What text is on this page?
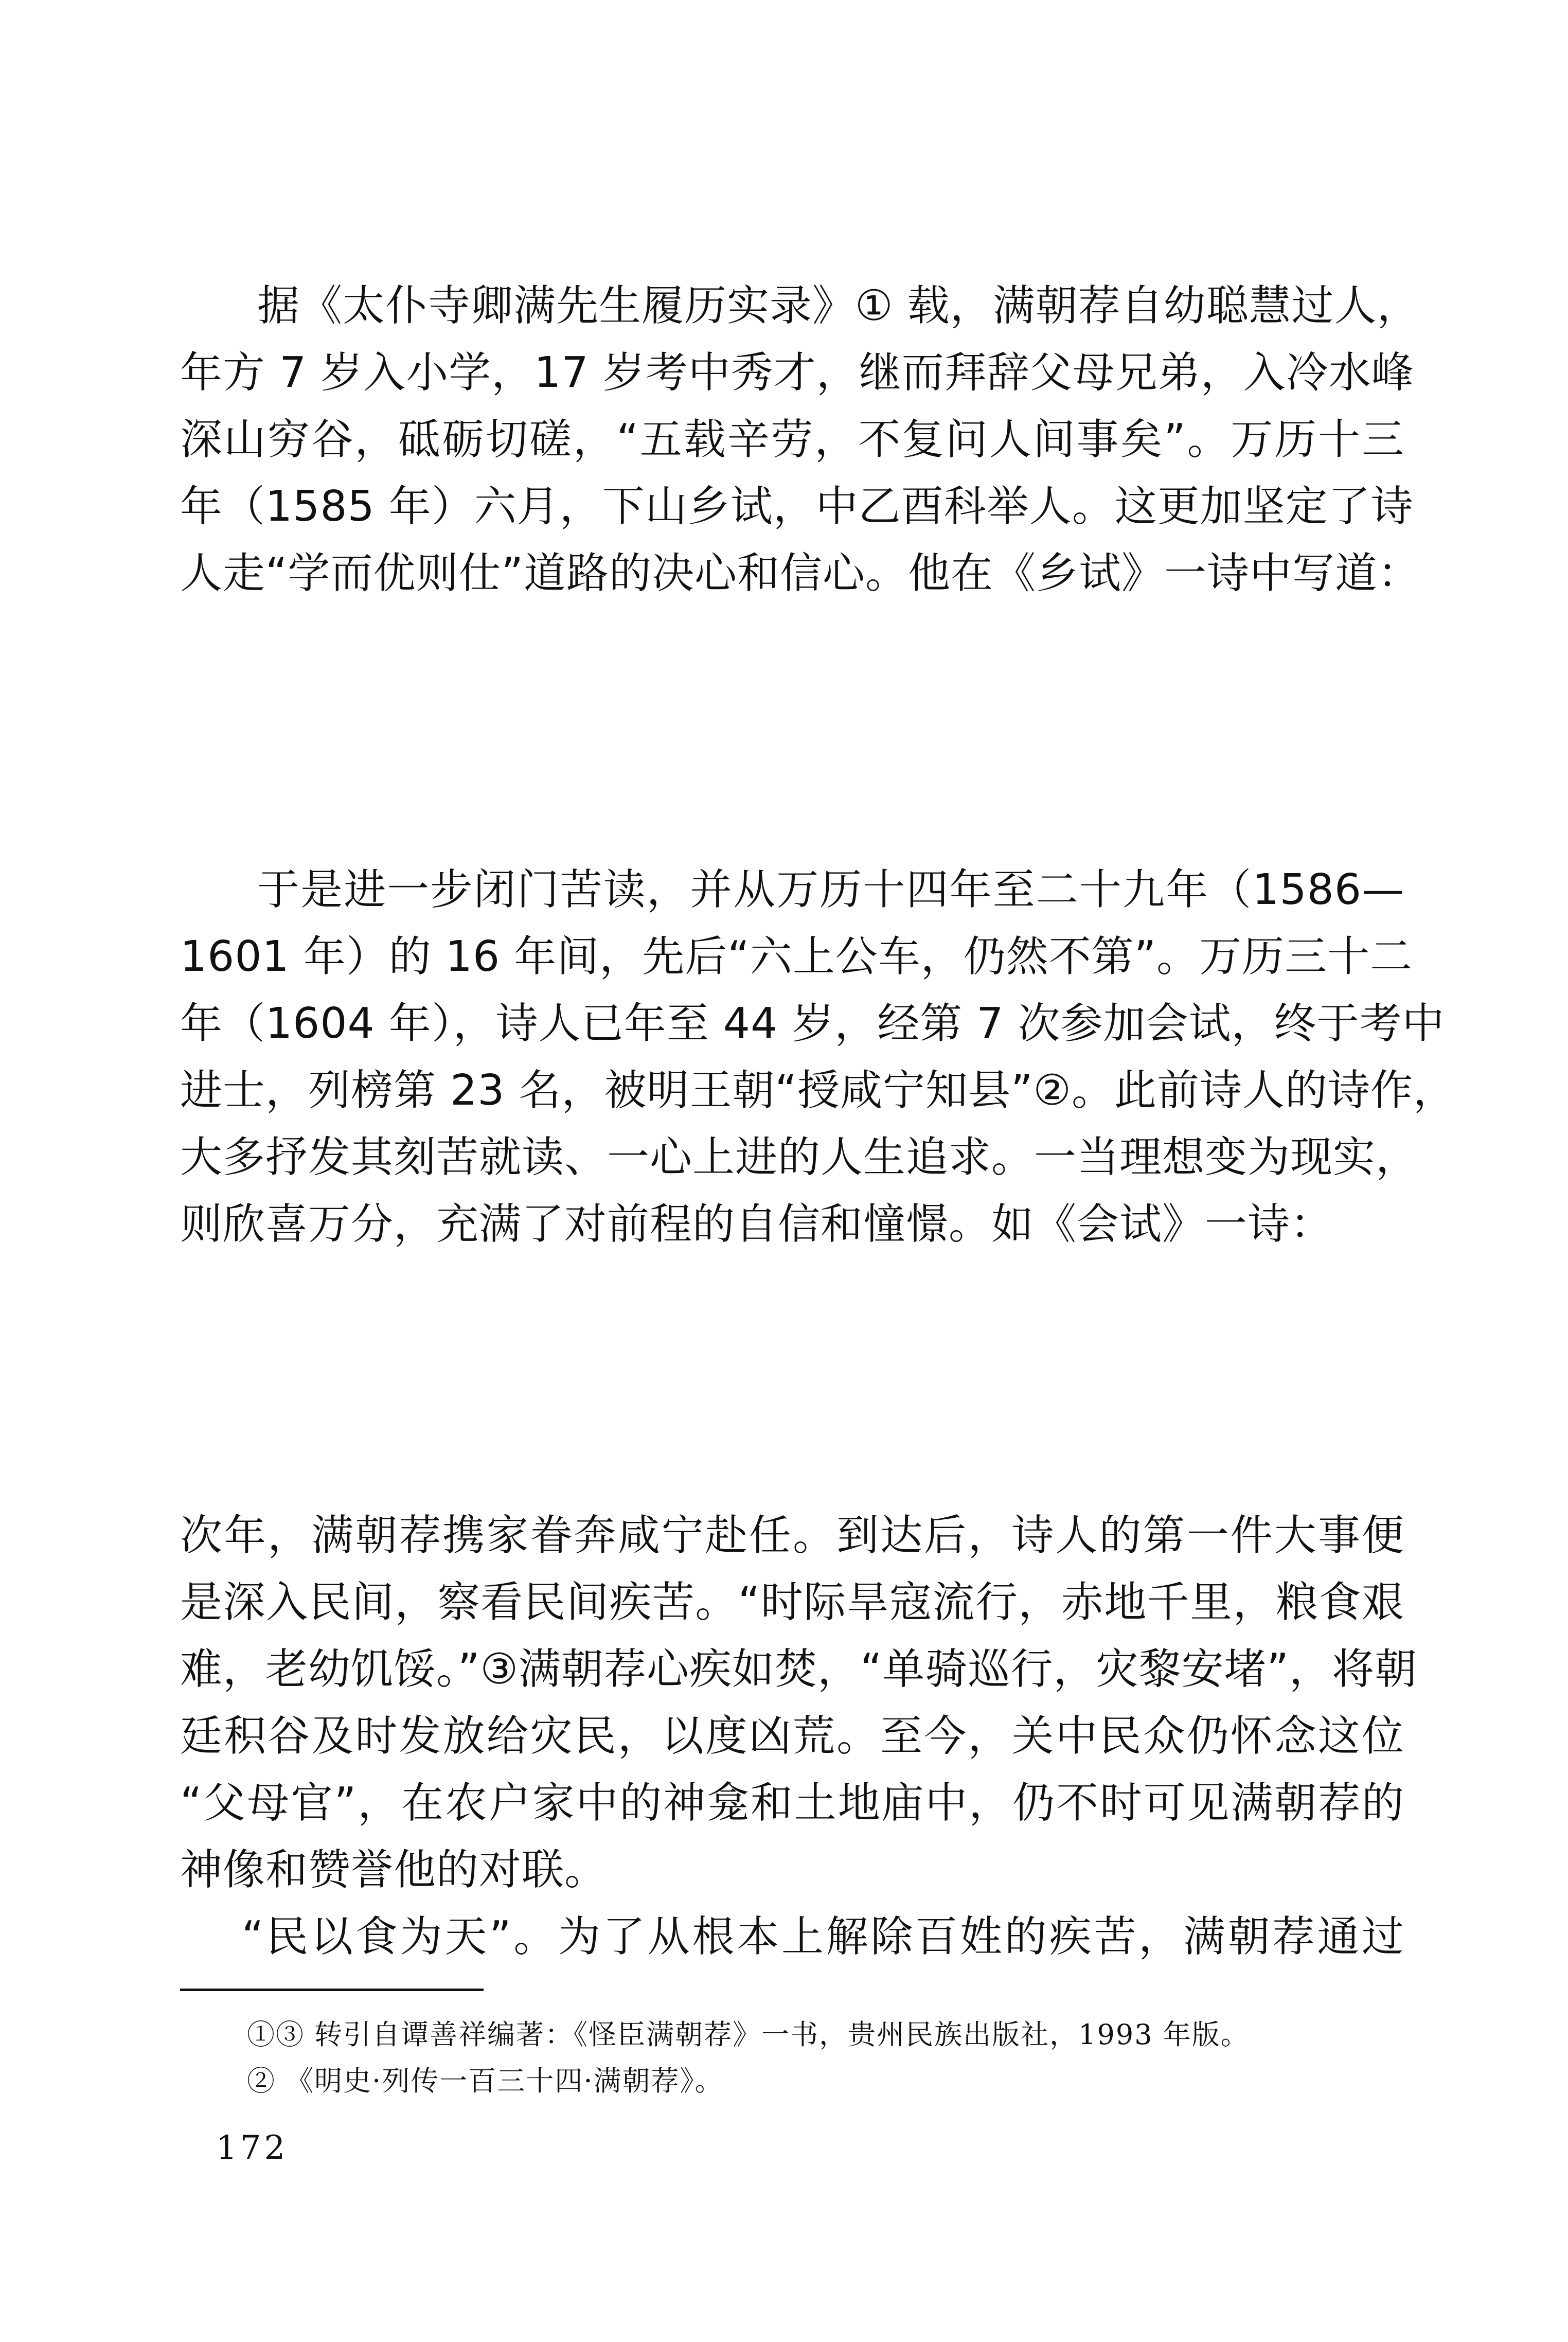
据《太仆寺卿满先生履历实录》① 载，满朝荐自幼聪慧过人，

年方 7 岁入小学，17 岁考中秀才，继而拜辞父母兄弟，入冷水峰

深山穷谷，砥砺切磋，“五载辛劳，不复问人间事矣”。万历十三

年（1585 年）六月，下山乡试，中乙酉科举人。这更加坚定了诗

人走“学而优则仕”道路的决心和信心。他在《乡试》一诗中写道：

于是进一步闭门苦读，并从万历十四年至二十九年（1586—

1601 年）的 16 年间，先后“六上公车，仍然不第”。万历三十二

年（1604 年），诗人已年至 44 岁，经第 7 次参加会试，终于考中

进士，列榜第 23 名，被明王朝“授咸宁知县”②。此前诗人的诗作，

大多抒发其刻苦就读、一心上进的人生追求。一当理想变为现实，

则欣喜万分，充满了对前程的自信和憧憬。如《会试》一诗：

次年，满朝荐携家眷奔咸宁赴任。到达后，诗人的第一件大事便

是深入民间，察看民间疾苦。“时际旱寇流行，赤地千里，粮食艰

难，老幼饥馁。”③满朝荐心疾如焚，“单骑巡行，灾黎安堵”，将朝

廷积谷及时发放给灾民，以度凶荒。至今，关中民众仍怀念这位

“父母官”，在农户家中的神龛和土地庙中，仍不时可见满朝荐的

神像和赞誉他的对联。

“民以食为天”。为了从根本上解除百姓的疾苦，满朝荐通过

①③ 转引自谭善祥编著：《怪臣满朝荐》一书，贵州民族出版社，1993 年版。

② 《明史·列传一百三十四·满朝荐》。

172
